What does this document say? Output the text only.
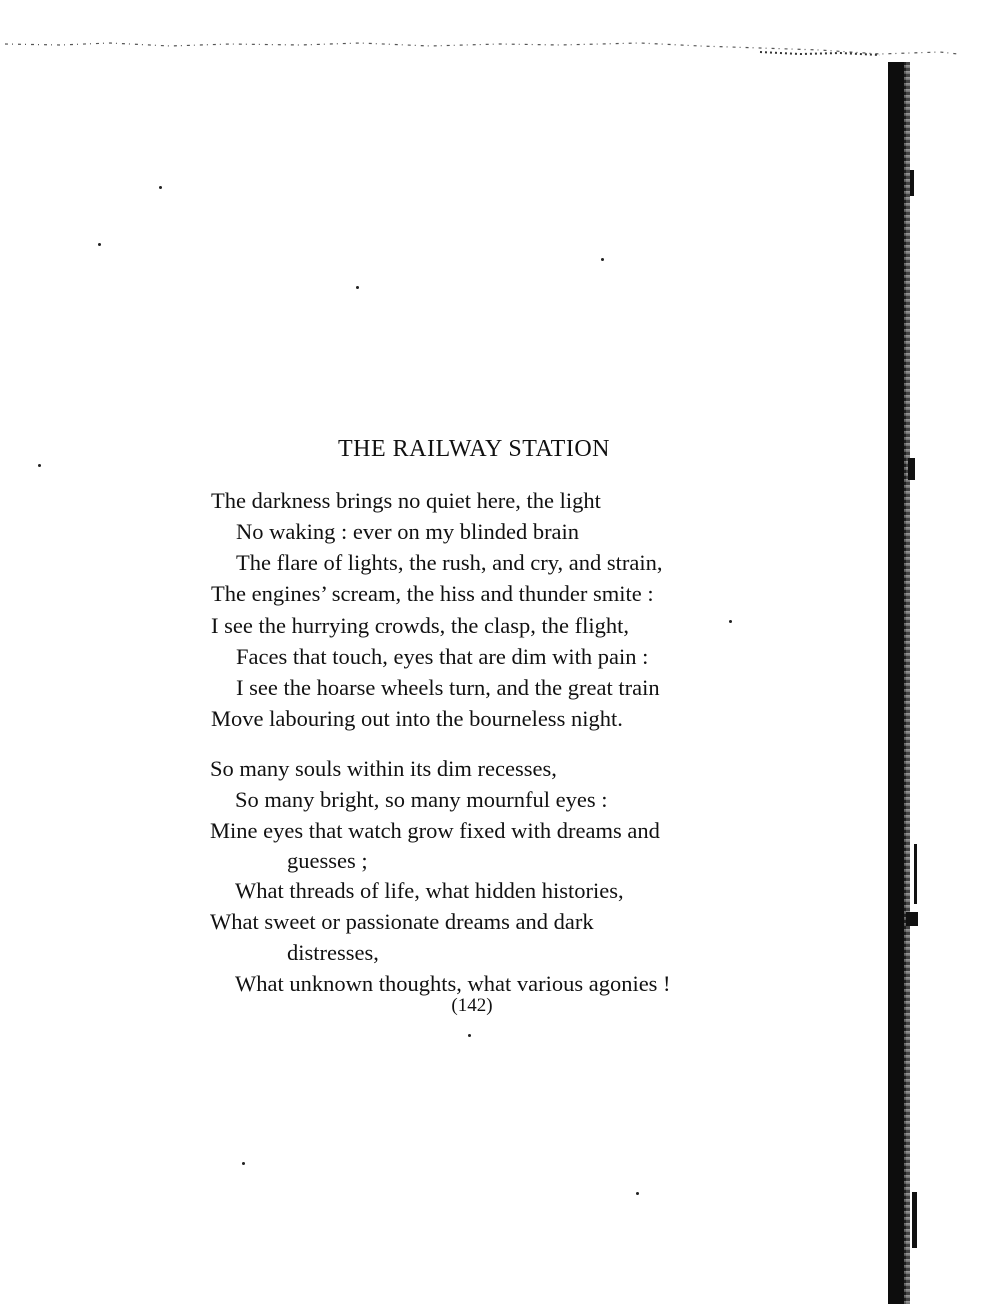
THE RAILWAY STATION
The darkness brings no quiet here, the light
No waking : ever on my blinded brain
The flare of lights, the rush, and cry, and strain,
The engines’ scream, the hiss and thunder smite :
I see the hurrying crowds, the clasp, the flight,
Faces that touch, eyes that are dim with pain :
I see the hoarse wheels turn, and the great train
Move labouring out into the bourneless night.
So many souls within its dim recesses,
So many bright, so many mournful eyes :
Mine eyes that watch grow fixed with dreams and
guesses ;
What threads of life, what hidden histories,
What sweet or passionate dreams and dark
distresses,
What unknown thoughts, what various agonies !
(142)
